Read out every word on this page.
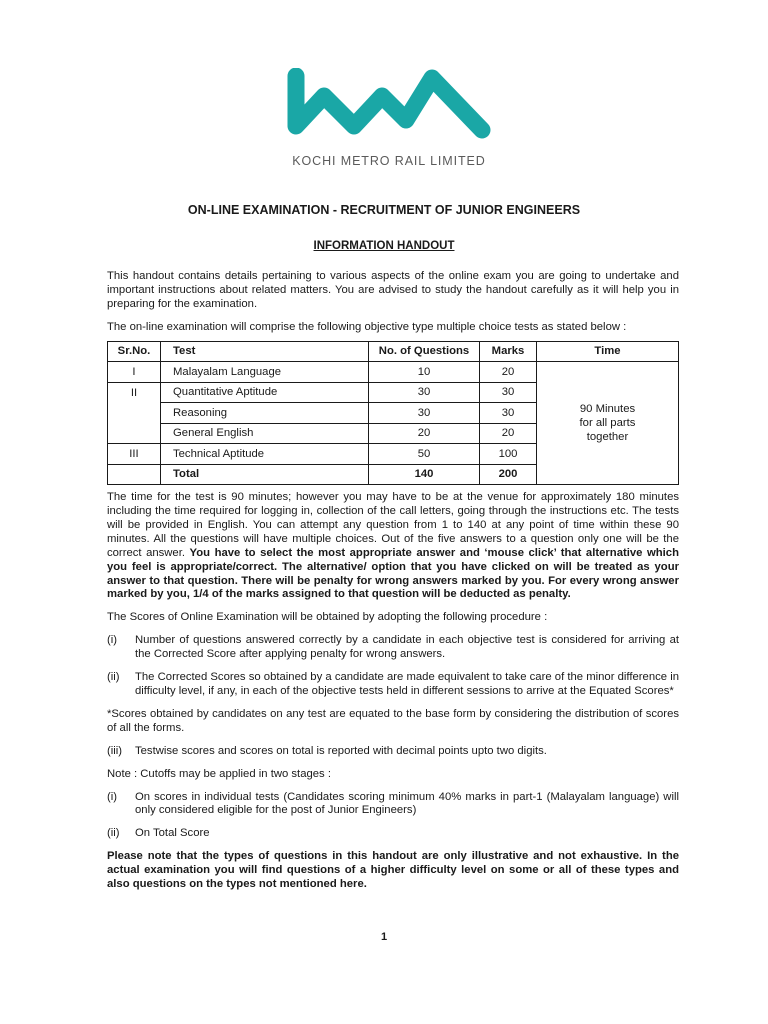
KOCHI METRO RAIL LIMITED
ON-LINE EXAMINATION - RECRUITMENT OF JUNIOR ENGINEERS
INFORMATION HANDOUT

This handout contains details pertaining to various aspects of the online exam you are going to undertake and important instructions about related matters. You are advised to study the handout carefully as it will help you in preparing for the examination.

The on-line examination will comprise the following objective type multiple choice tests as stated below :

Sr.No.	Test	No. of Questions	Marks	Time
I	Malayalam Language	10	20	90 Minutes
for all parts
together

II	Quantitative Aptitude	30	30	
	Reasoning	30	30	
	General English	20	20	
III	Technical Aptitude	50	100	
	Total	140	200	

The time for the test is 90 minutes; however you may have to be at the venue for approximately 180 minutes including the time required for logging in, collection of the call letters, going through the instructions etc. The tests will be provided in English. You can attempt any question from 1 to 140 at any point of time within these 90 minutes. All the questions will have multiple choices. Out of the five answers to a question only one will be the correct answer. You have to select the most appropriate answer and ‘mouse click’ that alternative which you feel is appropriate/correct. The alternative/ option that you have clicked on will be treated as your answer to that question. There will be penalty for wrong answers marked by you. For every wrong answer marked by you, 1/4 of the marks assigned to that question will be deducted as penalty.

The Scores of Online Examination will be obtained by adopting the following procedure :

(i)	Number of questions answered correctly by a candidate in each objective test is considered for arriving at the Corrected Score after applying penalty for wrong answers.
(ii)	The Corrected Scores so obtained by a candidate are made equivalent to take care of the minor difference in difficulty level, if any, in each of the objective tests held in different sessions to arrive at the Equated Scores*

*Scores obtained by candidates on any test are equated to the base form by considering the distribution of scores of all the forms.

(iii)	Testwise scores and scores on total is reported with decimal points upto two digits.

Note : Cutoffs may be applied in two stages :

(i)	On scores in individual tests (Candidates scoring minimum 40% marks in part-1 (Malayalam language) will only considered eligible for the post of Junior Engineers)
(ii)	On Total Score

Please note that the types of questions in this handout are only illustrative and not exhaustive. In the actual examination you will find questions of a higher difficulty level on some or all of these types and also questions on the types not mentioned here.

1
